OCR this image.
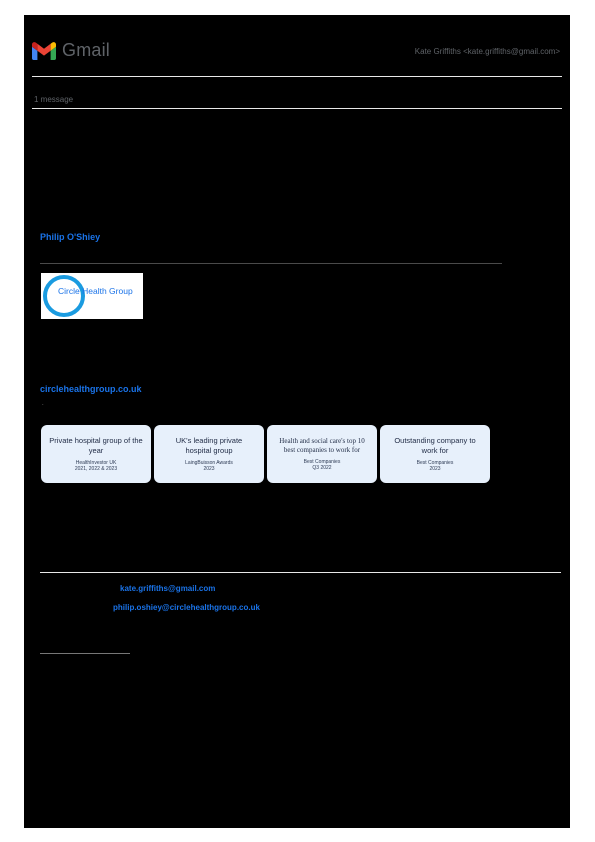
Gmail	Kate Griffiths <kate.griffiths@gmail.com>
1 message
Philip O'Shiey
Circle Health Group
circlehealthgroup.co.uk
.
Private hospital group of the year
HealthInvestor UK
2021, 2022 & 2023
UK's leading private hospital group
LaingBuisson Awards
2023
Health and social care's top 10 best companies to work for
Best Companies
Q3 2022
Outstanding company to work for
Best Companies
2023
kate.griffiths@gmail.com
philip.oshiey@circlehealthgroup.co.uk
